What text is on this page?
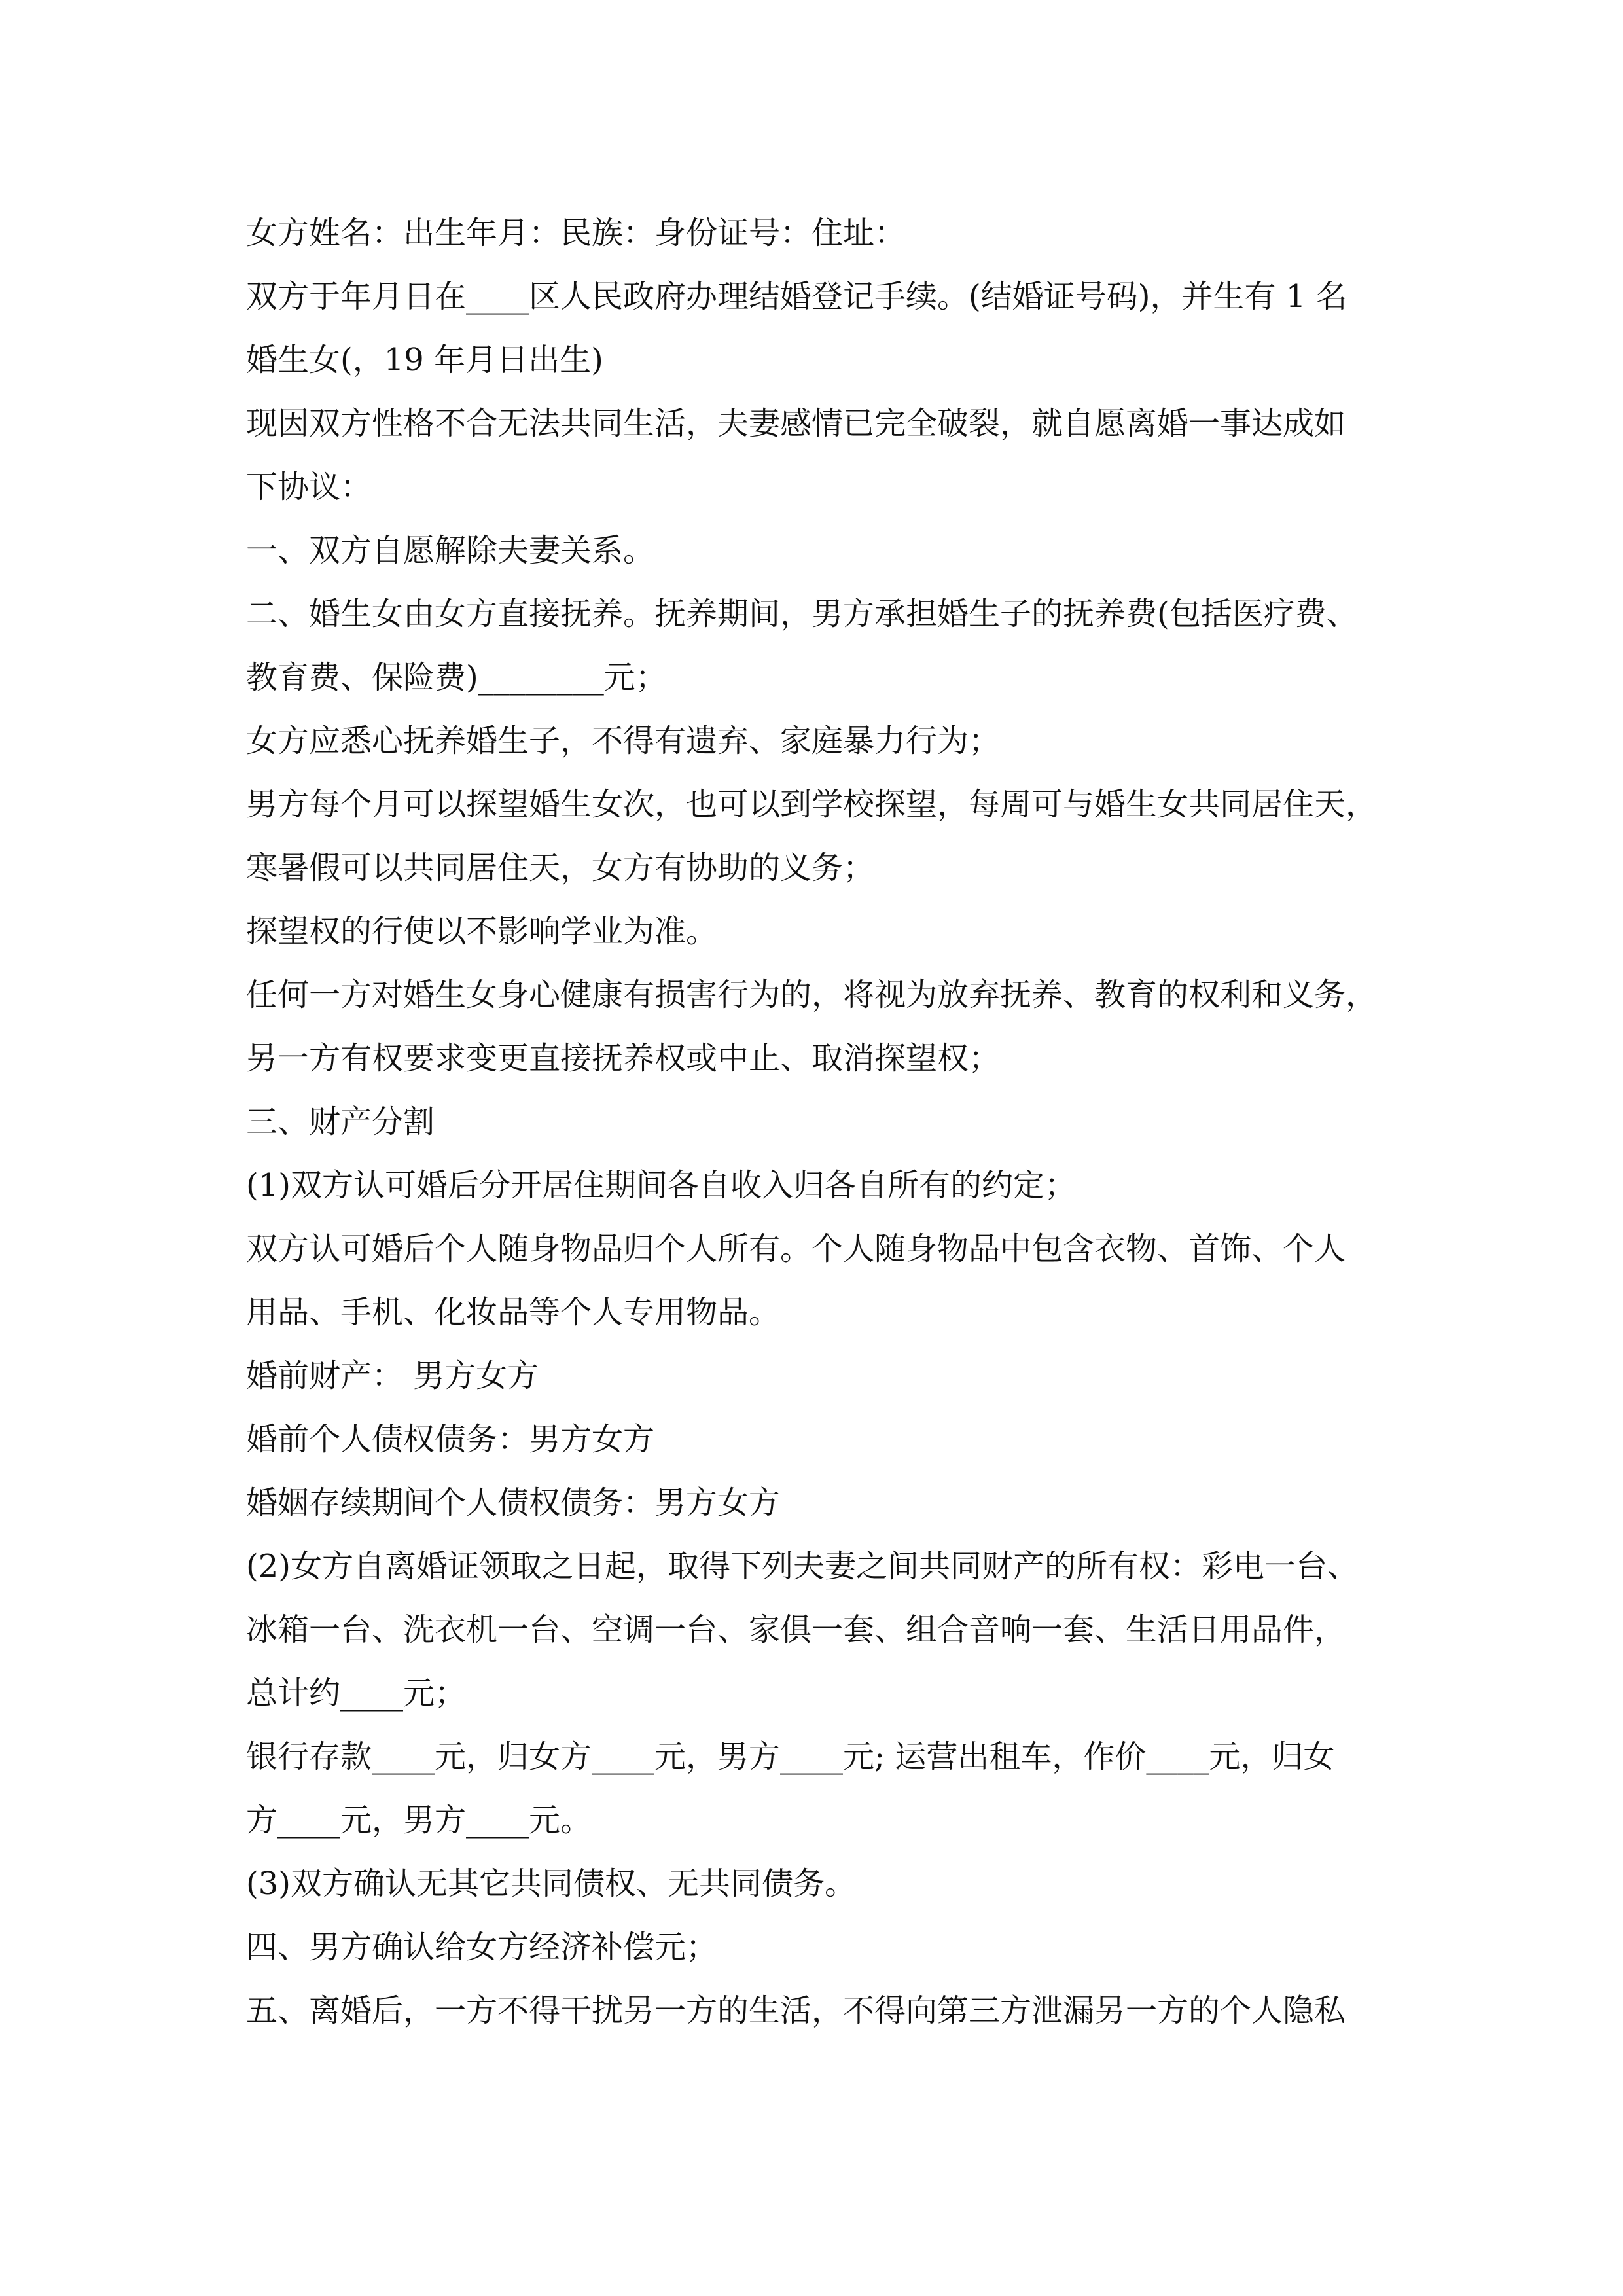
女方姓名：出生年月：民族：身份证号：住址：
双方于年月日在____区人民政府办理结婚登记手续。(结婚证号码)，并生有 1 名
婚生女(，19 年月日出生)
现因双方性格不合无法共同生活，夫妻感情已完全破裂，就自愿离婚一事达成如
下协议：
一、双方自愿解除夫妻关系。
二、婚生女由女方直接抚养。抚养期间，男方承担婚生子的抚养费(包括医疗费、
教育费、保险费)________元；
女方应悉心抚养婚生子，不得有遗弃、家庭暴力行为；
男方每个月可以探望婚生女次，也可以到学校探望，每周可与婚生女共同居住天，
寒暑假可以共同居住天，女方有协助的义务；
探望权的行使以不影响学业为准。
任何一方对婚生女身心健康有损害行为的，将视为放弃抚养、教育的权利和义务，
另一方有权要求变更直接抚养权或中止、取消探望权；
三、财产分割
(1)双方认可婚后分开居住期间各自收入归各自所有的约定；
双方认可婚后个人随身物品归个人所有。个人随身物品中包含衣物、首饰、个人
用品、手机、化妆品等个人专用物品。
婚前财产： 男方女方
婚前个人债权债务：男方女方
婚姻存续期间个人债权债务：男方女方
(2)女方自离婚证领取之日起，取得下列夫妻之间共同财产的所有权：彩电一台、
冰箱一台、洗衣机一台、空调一台、家俱一套、组合音响一套、生活日用品件，
总计约____元；
银行存款____元，归女方____元，男方____元; 运营出租车，作价____元，归女
方____元，男方____元。
(3)双方确认无其它共同债权、无共同债务。
四、男方确认给女方经济补偿元；
五、离婚后，一方不得干扰另一方的生活，不得向第三方泄漏另一方的个人隐私
